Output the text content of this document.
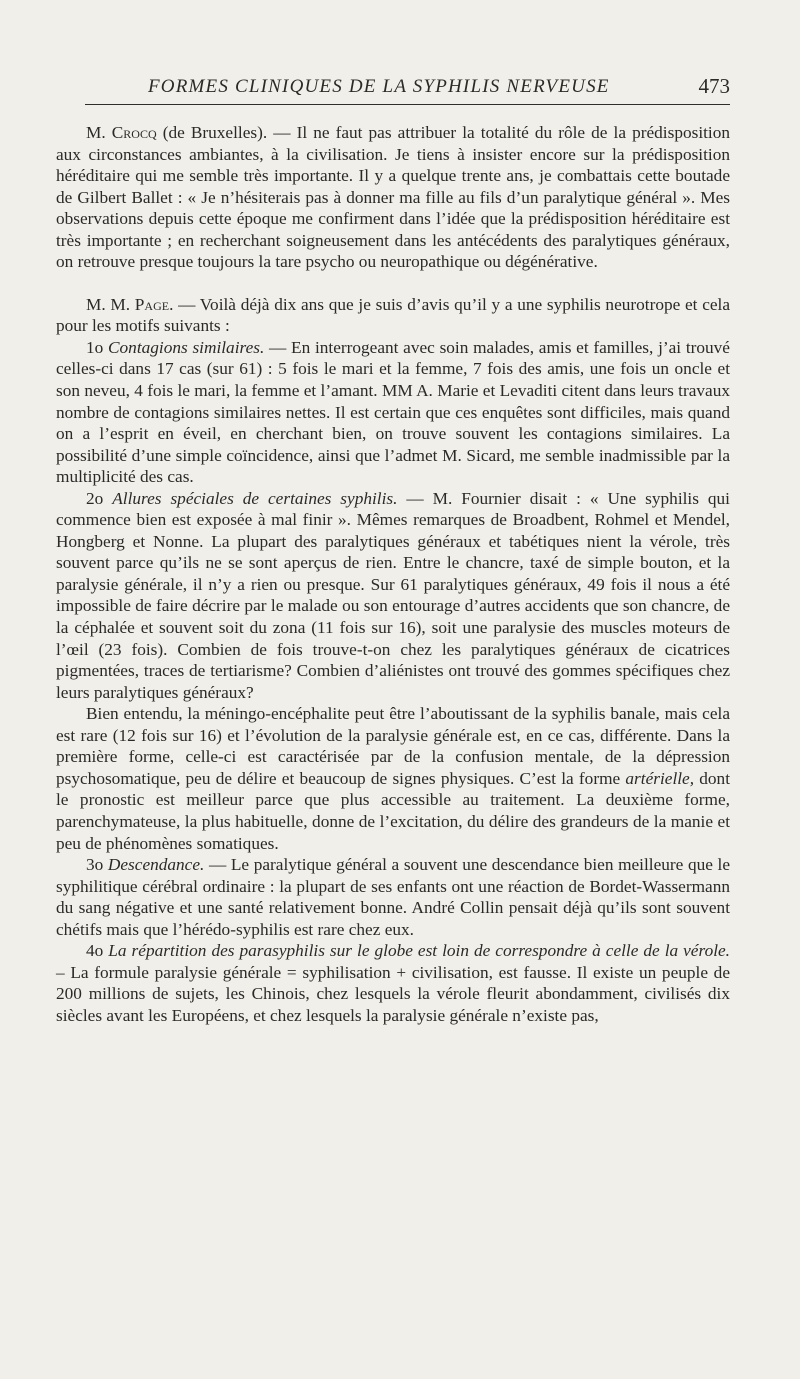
FORMES CLINIQUES DE LA SYPHILIS NERVEUSE	473

M. Crocq (de Bruxelles). — Il ne faut pas attribuer la totalité du rôle de la prédisposition aux circonstances ambiantes, à la civilisation. Je tiens à insister encore sur la prédisposition héréditaire qui me semble très importante. Il y a quelque trente ans, je combattais cette boutade de Gilbert Ballet : « Je n’hésiterais pas à donner ma fille au fils d’un paralytique général ». Mes observations depuis cette époque me confirment dans l’idée que la prédisposition héréditaire est très importante ; en recherchant soigneusement dans les antécédents des paralytiques généraux, on retrouve presque toujours la tare psycho ou neuropathique ou dégénérative.

M. M. Page. — Voilà déjà dix ans que je suis d’avis qu’il y a une syphilis neurotrope et cela pour les motifs suivants :

1o Contagions similaires. — En interrogeant avec soin malades, amis et familles, j’ai trouvé celles-ci dans 17 cas (sur 61) : 5 fois le mari et la femme, 7 fois des amis, une fois un oncle et son neveu, 4 fois le mari, la femme et l’amant. MM A. Marie et Levaditi citent dans leurs travaux nombre de contagions similaires nettes. Il est certain que ces enquêtes sont difficiles, mais quand on a l’esprit en éveil, en cherchant bien, on trouve souvent les contagions similaires. La possibilité d’une simple coïncidence, ainsi que l’admet M. Sicard, me semble inadmissible par la multiplicité des cas.

2o Allures spéciales de certaines syphilis. — M. Fournier disait : « Une syphilis qui commence bien est exposée à mal finir ». Mêmes remarques de Broadbent, Rohmel et Mendel, Hongberg et Nonne. La plupart des paralytiques généraux et tabétiques nient la vérole, très souvent parce qu’ils ne se sont aperçus de rien. Entre le chancre, taxé de simple bouton, et la paralysie générale, il n’y a rien ou presque. Sur 61 paralytiques généraux, 49 fois il nous a été impossible de faire décrire par le malade ou son entourage d’autres accidents que son chancre, de la céphalée et souvent soit du zona (11 fois sur 16), soit une paralysie des muscles moteurs de l’œil (23 fois). Combien de fois trouve-t-on chez les paralytiques généraux de cicatrices pigmentées, traces de tertiarisme? Combien d’aliénistes ont trouvé des gommes spécifiques chez leurs paralytiques généraux?

Bien entendu, la méningo-encéphalite peut être l’aboutissant de la syphilis banale, mais cela est rare (12 fois sur 16) et l’évolution de la paralysie générale est, en ce cas, différente. Dans la première forme, celle-ci est caractérisée par de la confusion mentale, de la dépression psychosomatique, peu de délire et beaucoup de signes physiques. C’est la forme artérielle, dont le pronostic est meilleur parce que plus accessible au traitement. La deuxième forme, parenchymateuse, la plus habituelle, donne de l’excitation, du délire des grandeurs de la manie et peu de phénomènes somatiques.

3o Descendance. — Le paralytique général a souvent une descendance bien meilleure que le syphilitique cérébral ordinaire : la plupart de ses enfants ont une réaction de Bordet-Wassermann du sang négative et une santé relativement bonne. André Collin pensait déjà qu’ils sont souvent chétifs mais que l’hérédo-syphilis est rare chez eux.

4o La répartition des parasyphilis sur le globe est loin de correspondre à celle de la vérole. – La formule paralysie générale = syphilisation + civilisation, est fausse. Il existe un peuple de 200 millions de sujets, les Chinois, chez lesquels la vérole fleurit abondamment, civilisés dix siècles avant les Européens, et chez lesquels la paralysie générale n’existe pas,
